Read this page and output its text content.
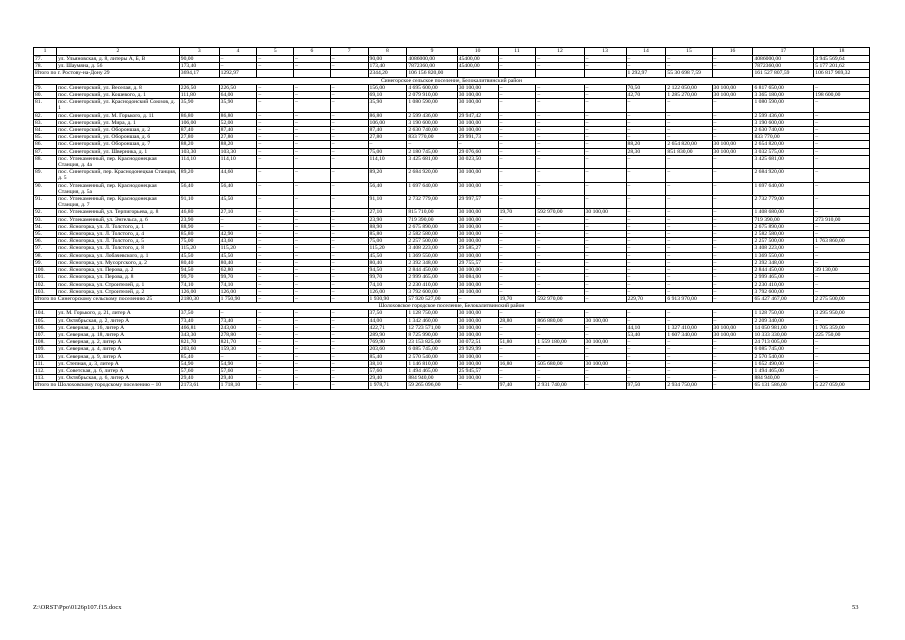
1	2	3	4	5	6	7	8	9	10	11	12	13	14	15	16	17	18
77.	ул. Ульяновская, д. 8, литеры А, Б, В	90,00	–	–	–	–	90,00	4086000,00	45400,00	–	–	–	–	–	–	4086000,00	3 945 569,64
78.	ул. Шаумяна, д. 56	173,40	–	–	–	–	173,40	7872360,00	45400,00	–	–	–	–	–	–	7872360,00	5 177 201,62
Итого по г. Ростову-на-Дону 29		3694,17	1292,97				2344,20	106 156 820,00					1 292,97	55 30 698 7,59		161 527 807,59	106 817 969,32
Синегорское сельское поселение, Белокалитвинский район																	
79.	пос. Синегорский, ул. Веселая, д. 8	226,50	226,50	–	–	–	156,00	4 695 600,00	30 100,00	–	–	–	70,50	2 122 050,00	30 100,00	6 817 650,00	–
80.	пос. Синегорский, ул. Кошевого, д. 1	111,80	64,00	–	–	–	69,10	2 079 910,00	30 100,00	–	–	–	42,70	1 285 270,00	30 100,00	3 365 180,00	198 600,00
81.	пос. Синегорский, ул. Краснодонский Союзов, д. 1	35,90	35,90	–	–	–	35,90	1 080 590,00	30 100,00	–	–	–	–	–	–	1 080 590,00	–
82.	пос. Синегорский, ул. М. Горького, д. 11	86,80	86,80	–	–	–	86,80	2 599 436,00	29 947,42	–	–	–	–	–	–	2 599 436,00	–
83.	пос. Синегорский, ул. Мира, д. 1	106,00	52,00	–	–	–	106,00	3 190 600,00	30 100,00	–	–	–	–	–	–	3 190 600,00	–
84.	пос. Синегорский, ул. Обороншая, д. 2	87,40	87,40	–	–	–	87,40	2 630 740,00	30 100,00	–	–	–	–	–	–	2 630 740,00	–
85.	пос. Синегорский, ул. Обороншая, д. 6	27,80	27,80	–	–	–	27,80	833 770,00	29 991,73	–	–	–	–	–	–	833 770,00	–
86.	пос. Синегорский, ул. Обороншая, д. 7	88,20	88,20	–	–	–	–	–	–	–	–	–	88,20	2 654 820,00	30 100,00	2 654 820,00	–
87.	пос. Синегорский, ул. Шверника, д. 1	103,30	103,30	–	–	–	75,00	2 180 745,00	29 076,60	–	–	–	28,30	851 830,00	30 100,00	3 032 575,00	–
88.	пос. Углекаменный, пер. Краснодонецкая Станция, д. 4а	114,10	114,10	–	–	–	114,10	3 425 681,00	30 023,50	–	–	–	–	–	–	3 425 681,00	–
89.	пос. Синегорский, пер. Краснодонецкая Станция, д. 5	89,20	44,60	–	–	–	89,20	2 684 920,00	30 100,00	–	–	–	–	–	–	2 684 920,00	–
90.	пос. Углекаменный, пер. Краснодонецкая Станция, д. 5а	56,40	56,40	–	–	–	56,40	1 697 640,00	30 100,00	–	–	–	–	–	–	1 697 640,00	–
91.	пос. Углекаменный, пер. Краснодонецкая Станция, д. 7	91,10	45,50	–	–	–	91,10	2 732 779,00	29 997,57	–	–	–	–	–	–	2 732 779,00	–
92.	пос. Углекаменный, ул. Терпигорьева, д. 8	46,80	27,10	–	–	–	27,10	815 710,00	30 100,00	19,70	592 970,00	30 100,00	–	–	–	1 408 680,00	–
93.	пос. Углекаменный, ул. Энгельса, д. 6	23,90	–	–	–	–	23,90	719 390,00	30 100,00	–	–	–	–	–	–	719 390,00	273 910,00
94.	пос. Ясногорка, ул. Л. Толстого, д. 1	88,90	–	–	–	–	88,90	2 675 890,00	30 100,00	–	–	–	–	–	–	2 675 890,00	–
95.	пос. Ясногорка, ул. Л. Толстого, д. 4	85,80	42,90	–	–	–	85,80	2 582 580,00	30 100,00	–	–	–	–	–	–	2 582 580,00	–
96.	пос. Ясногорка, ул. Л. Толстого, д. 5	75,00	43,60	–	–	–	75,00	2 257 500,00	30 100,00	–	–	–	–	–	–	2 257 500,00	1 763 860,00
97.	пос. Ясногорка, ул. Л. Толстого, д. 8	115,20	115,20	–	–	–	115,20	3 408 223,00	29 585,27	–	–	–	–	–	–	3 408 223,00	–
98.	пос. Ясногорка, ул. Лобачевского, д. 1	45,50	45,50	–	–	–	45,50	1 369 550,00	30 100,00	–	–	–	–	–	–	1 369 550,00	–
99.	пос. Ясногорка, ул. Мусоргского, д. 2	80,40	80,40	–	–	–	80,40	2 392 348,00	29 755,57	–	–	–	–	–	–	2 392 348,00	–
100.	пос. Ясногорка, ул. Перова, д. 2	94,50	62,80	–	–	–	94,50	2 844 450,00	30 100,00	–	–	–	–	–	–	2 844 450,00	39 130,00
101.	пос. Ясногорка, ул. Перова, д. 8	99,70	99,70	–	–	–	99,70	2 999 465,00	30 084,00	–	–	–	–	–	–	2 999 465,00	–
102.	пос. Ясногорка, ул. Строителей, д. 1	74,10	74,10	–	–	–	74,10	2 230 410,00	30 100,00	–	–	–	–	–	–	2 230 410,00	–
103.	пос. Ясногорка, ул. Строителей, д. 2	126,00	126,00	–	–	–	126,00	3 792 600,00	30 100,00	–	–	–	–	–	–	3 792 600,00	–
Итого по Синегорскому сельскому поселению 25		2180,30	1 750,90	–	–	–	1 930,90	57 920 527,00	–	19,70	592 970,00	–	229,70	6 913 970,00	–	65 427 467,00	2 275 500,00
Шолоховское городское поселение, Белокалитвинский район																	
104.	ул. М. Горького, д. 21, литер А	37,50	–	–	–	–	37,50	1 128 750,00	30 100,00	–	–	–	–	–	–	1 128 750,00	3 295 950,00
105.	ул. Октябрьская, д. 2, литер А	73,40	73,40	–	–	–	44,00	1 342 460,00	30 100,00	28,80	866 880,00	30 100,00	–	–	–	2 209 340,00	–
106.	ул. Северная, д. 16, литер А	466,81	243,00	–	–	–	422,71	12 723 571,00	30 100,00	–	–	–	44,10	1 327 410,00	30 100,00	14 050 981,00	1 705 359,00
107.	ул. Северная, д. 18, литер А	343,30	278,80	–	–	–	289,90	8 725 990,00	30 100,00	–	–	–	53,40	1 607 340,00	30 100,00	10 333 330,00	225 750,00
108.	ул. Северная, д. 2, литер А	821,70	821,70	–	–	–	769,90	23 153 825,00	30 072,51	51,80	1 559 180,00	30 100,00	–	–	–	24 713 005,00	–
109.	ул. Северная, д. 4, литер А	203,60	159,30	–	–	–	203,60	6 085 745,00	29 929,99	–	–	–	–	–	–	6 085 745,00	–
110.	ул. Северная, д. 9, литер А	85,40	–	–	–	–	85,40	2 570 540,00	30 100,00	–	–	–	–	–	–	2 570 540,00	–
111.	ул. Степная, д. 3, литер А	54,90	54,90	–	–	–	38,10	1 146 810,00	30 100,00	16,80	505 680,00	30 100,00	–	–	–	1 652 490,00	–
112.	ул. Советская, д. 6, литер А	57,60	57,60	–	–	–	57,60	1 494 465,00	25 945,57	–	–	–	–	–	–	1 494 465,00	–
113.	ул. Октябрьская, д. 6, литер А	29,40	29,40	–	–	–	29,40	884 940,00	30 100,00	–	–	–	–	–	–	884 940,00	–
Итого по Шолоховскому городскому поселению – 10		2173,61	1 718,10	–	–	–	1 978,71	59 265 096,00	–	97,40	2 931 740,00	–	97,50	2 934 750,00	–	65 131 586,00	5 227 059,00
Z:\ORST\Ppo\0126p107.f15.docx	53
